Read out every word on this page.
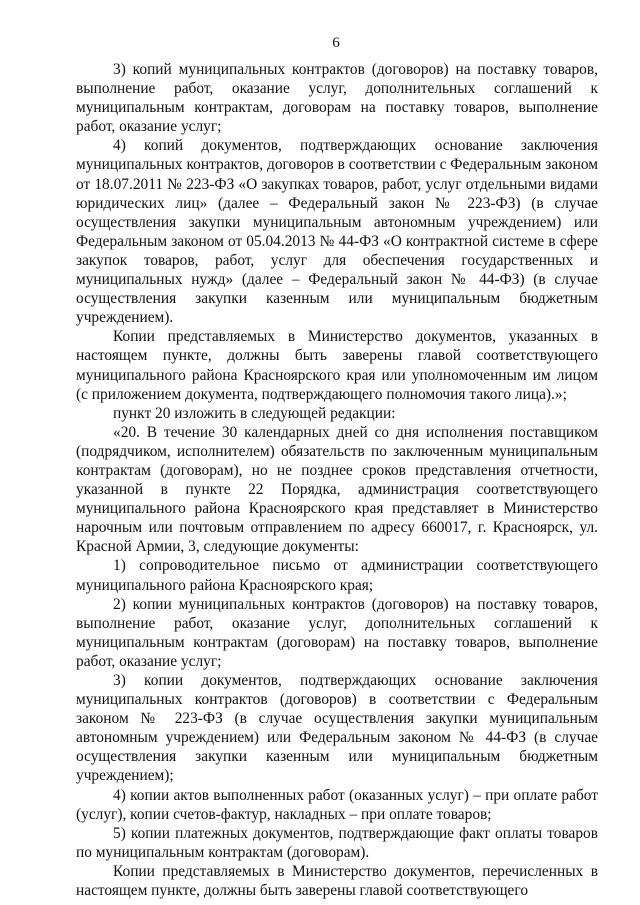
6

3) копий муниципальных контрактов (договоров) на поставку товаров, выполнение работ, оказание услуг, дополнительных соглашений к муниципальным контрактам, договорам на поставку товаров, выполнение работ, оказание услуг;

4) копий документов, подтверждающих основание заключения муниципальных контрактов, договоров в соответствии с Федеральным законом от 18.07.2011 № 223-ФЗ «О закупках товаров, работ, услуг отдельными видами юридических лиц» (далее – Федеральный закон № 223-ФЗ) (в случае осуществления закупки муниципальным автономным учреждением) или Федеральным законом от 05.04.2013 № 44-ФЗ «О контрактной системе в сфере закупок товаров, работ, услуг для обеспечения государственных и муниципальных нужд» (далее – Федеральный закон № 44-ФЗ) (в случае осуществления закупки казенным или муниципальным бюджетным учреждением).

Копии представляемых в Министерство документов, указанных в настоящем пункте, должны быть заверены главой соответствующего муниципального района Красноярского края или уполномоченным им лицом (с приложением документа, подтверждающего полномочия такого лица).»;

пункт 20 изложить в следующей редакции:

«20. В течение 30 календарных дней со дня исполнения поставщиком (подрядчиком, исполнителем) обязательств по заключенным муниципальным контрактам (договорам), но не позднее сроков представления отчетности, указанной в пункте 22 Порядка, администрация соответствующего муниципального района Красноярского края представляет в Министерство нарочным или почтовым отправлением по адресу 660017, г. Красноярск, ул. Красной Армии, 3, следующие документы:

1) сопроводительное письмо от администрации соответствующего муниципального района Красноярского края;

2) копии муниципальных контрактов (договоров) на поставку товаров, выполнение работ, оказание услуг, дополнительных соглашений к муниципальным контрактам (договорам) на поставку товаров, выполнение работ, оказание услуг;

3) копии документов, подтверждающих основание заключения муниципальных контрактов (договоров) в соответствии с Федеральным законом № 223-ФЗ (в случае осуществления закупки муниципальным автономным учреждением) или Федеральным законом № 44-ФЗ (в случае осуществления закупки казенным или муниципальным бюджетным учреждением);

4) копии актов выполненных работ (оказанных услуг) – при оплате работ (услуг), копии счетов-фактур, накладных – при оплате товаров;

5) копии платежных документов, подтверждающие факт оплаты товаров по муниципальным контрактам (договорам).

Копии представляемых в Министерство документов, перечисленных в настоящем пункте, должны быть заверены главой соответствующего
